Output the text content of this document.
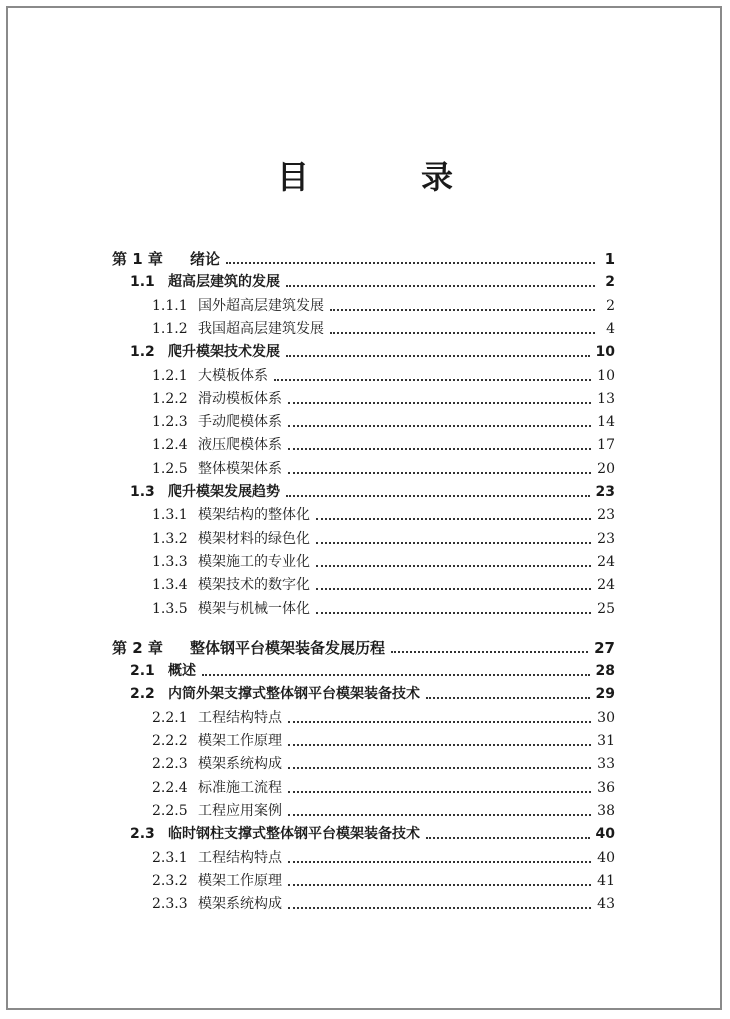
目　录
第 1 章	绪论	1
1.1 超高层建筑的发展	2
1.1.1 国外超高层建筑发展	2
1.1.2 我国超高层建筑发展	4
1.2 爬升模架技术发展	10
1.2.1 大模板体系	10
1.2.2 滑动模板体系	13
1.2.3 手动爬模体系	14
1.2.4 液压爬模体系	17
1.2.5 整体模架体系	20
1.3 爬升模架发展趋势	23
1.3.1 模架结构的整体化	23
1.3.2 模架材料的绿色化	23
1.3.3 模架施工的专业化	24
1.3.4 模架技术的数字化	24
1.3.5 模架与机械一体化	25
第 2 章	整体钢平台模架装备发展历程	27
2.1 概述	28
2.2 内筒外架支撑式整体钢平台模架装备技术	29
2.2.1 工程结构特点	30
2.2.2 模架工作原理	31
2.2.3 模架系统构成	33
2.2.4 标准施工流程	36
2.2.5 工程应用案例	38
2.3 临时钢柱支撑式整体钢平台模架装备技术	40
2.3.1 工程结构特点	40
2.3.2 模架工作原理	41
2.3.3 模架系统构成	43
